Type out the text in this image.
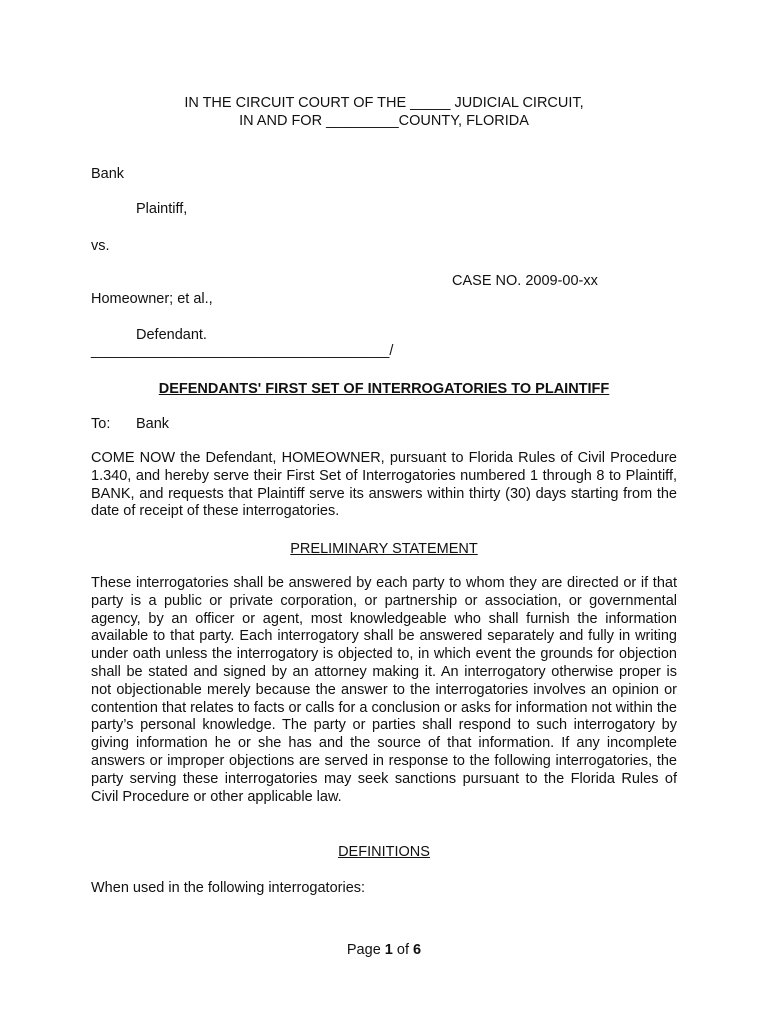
IN THE CIRCUIT COURT OF THE _____ JUDICIAL CIRCUIT,
IN AND FOR _________COUNTY, FLORIDA
Bank
Plaintiff,
vs.
CASE NO. 2009-00-xx
Homeowner; et al.,
Defendant.
_____________________________________/
DEFENDANTS' FIRST SET OF INTERROGATORIES TO PLAINTIFF
To: Bank
COME NOW the Defendant, HOMEOWNER, pursuant to Florida Rules of Civil Procedure 1.340, and hereby serve their First Set of Interrogatories numbered 1 through 8 to Plaintiff, BANK, and requests that Plaintiff serve its answers within thirty (30) days starting from the date of receipt of these interrogatories.
PRELIMINARY STATEMENT
These interrogatories shall be answered by each party to whom they are directed or if that party is a public or private corporation, or partnership or association, or governmental agency, by an officer or agent, most knowledgeable who shall furnish the information available to that party. Each interrogatory shall be answered separately and fully in writing under oath unless the interrogatory is objected to, in which event the grounds for objection shall be stated and signed by an attorney making it. An interrogatory otherwise proper is not objectionable merely because the answer to the interrogatories involves an opinion or contention that relates to facts or calls for a conclusion or asks for information not within the party’s personal knowledge. The party or parties shall respond to such interrogatory by giving information he or she has and the source of that information. If any incomplete answers or improper objections are served in response to the following interrogatories, the party serving these interrogatories may seek sanctions pursuant to the Florida Rules of Civil Procedure or other applicable law.
DEFINITIONS
When used in the following interrogatories:
Page 1 of 6
